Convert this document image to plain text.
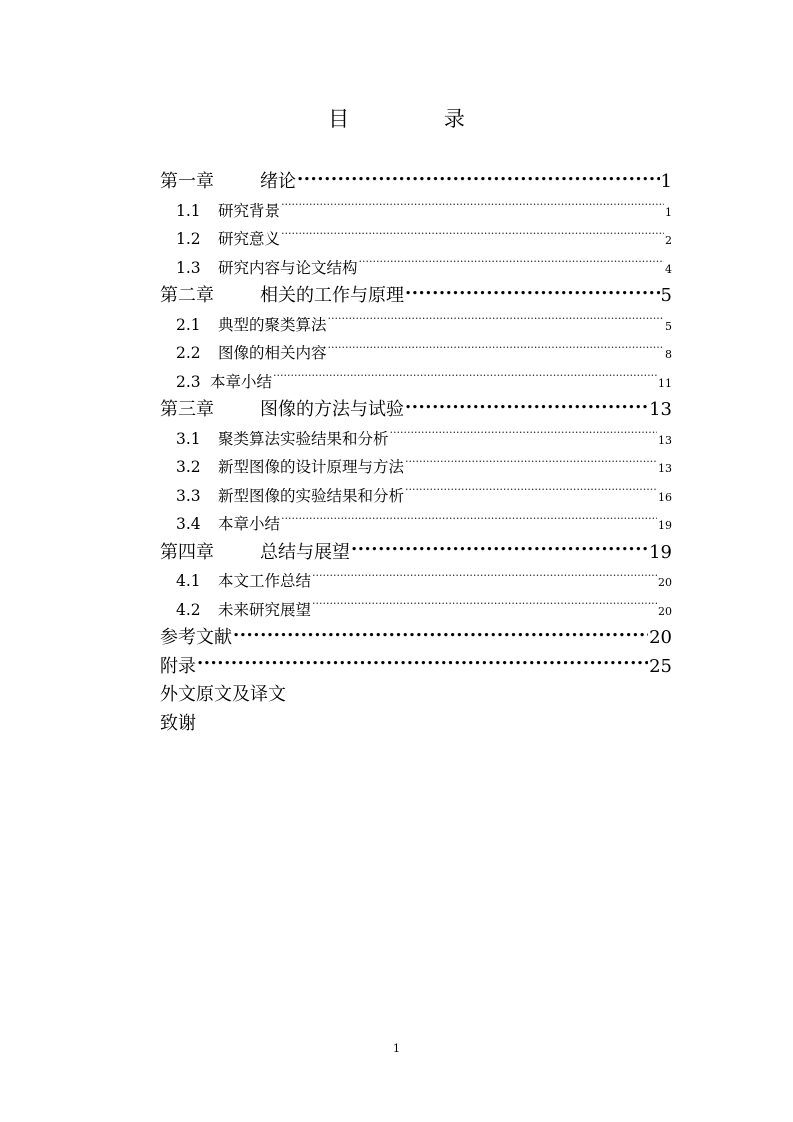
目 录
第一章	绪论 .....	1
1.1	研究背景 .....	1
1.2	研究意义 .....	2
1.3	研究内容与论文结构 .....	4
第二章	相关的工作与原理 .....	5
2.1	典型的聚类算法 .....	5
2.2	图像的相关内容 .....	8
2.3 本章小结 .....	11
第三章	图像的方法与试验 .....	13
3.1	聚类算法实验结果和分析 .....	13
3.2	新型图像的设计原理与方法 .....	13
3.3	新型图像的实验结果和分析 .....	16
3.4	本章小结 .....	19
第四章	总结与展望 .....	19
4.1	本文工作总结 .....	20
4.2	未来研究展望 .....	20
参考文献 .....	20
附录 .....	25
外文原文及译文
致谢
1
